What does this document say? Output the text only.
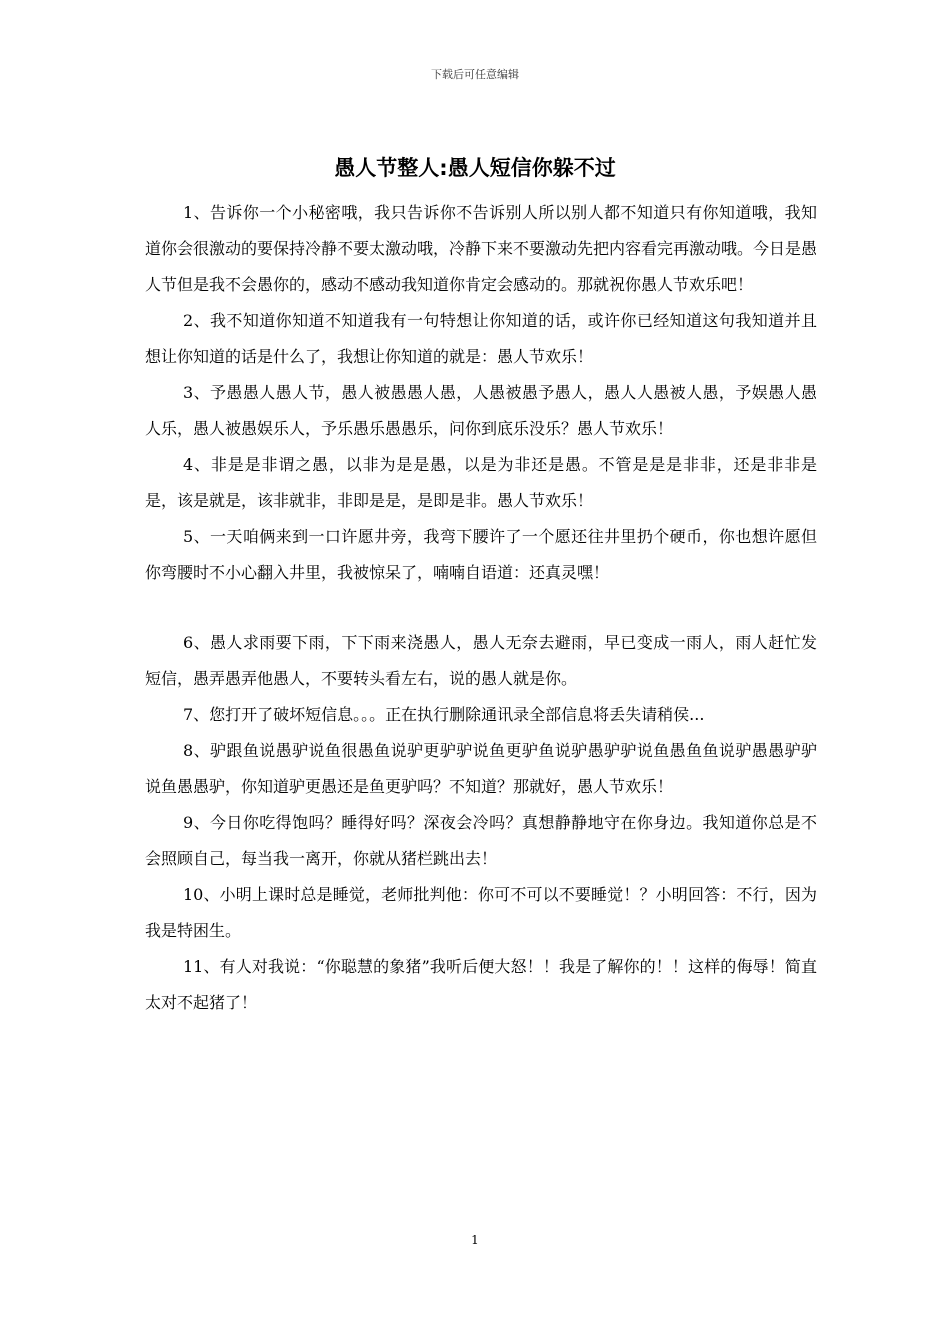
下载后可任意编辑
愚人节整人:愚人短信你躲不过

1、告诉你一个小秘密哦，我只告诉你不告诉别人所以别人都不知道只有你知道哦，我知道你会很激动的要保持冷静不要太激动哦，冷静下来不要激动先把内容看完再激动哦。今日是愚人节但是我不会愚你的，感动不感动我知道你肯定会感动的。那就祝你愚人节欢乐吧！

2、我不知道你知道不知道我有一句特想让你知道的话，或许你已经知道这句我知道并且想让你知道的话是什么了，我想让你知道的就是：愚人节欢乐！

3、予愚愚人愚人节，愚人被愚愚人愚，人愚被愚予愚人，愚人人愚被人愚，予娱愚人愚人乐，愚人被愚娱乐人，予乐愚乐愚愚乐，问你到底乐没乐？愚人节欢乐！

4、非是是非谓之愚，以非为是是愚，以是为非还是愚。不管是是是非非，还是非非是是，该是就是，该非就非，非即是是，是即是非。愚人节欢乐！

5、一天咱俩来到一口许愿井旁，我弯下腰许了一个愿还往井里扔个硬币，你也想许愿但你弯腰时不小心翻入井里，我被惊呆了，喃喃自语道：还真灵嘿！

6、愚人求雨要下雨，下下雨来浇愚人，愚人无奈去避雨，早已变成一雨人，雨人赶忙发短信，愚弄愚弄他愚人，不要转头看左右，说的愚人就是你。

7、您打开了破坏短信息。。。正在执行删除通讯录全部信息将丢失请稍侯...

8、驴跟鱼说愚驴说鱼很愚鱼说驴更驴驴说鱼更驴鱼说驴愚驴驴说鱼愚鱼鱼说驴愚愚驴驴说鱼愚愚驴，你知道驴更愚还是鱼更驴吗？不知道？那就好，愚人节欢乐！

9、今日你吃得饱吗？睡得好吗？深夜会冷吗？真想静静地守在你身边。我知道你总是不会照顾自己，每当我一离开，你就从猪栏跳出去！

10、小明上课时总是睡觉，老师批判他：你可不可以不要睡觉！？小明回答：不行，因为我是特困生。

11、有人对我说：“你聪慧的象猪”我听后便大怒！！我是了解你的！！这样的侮辱！简直太对不起猪了！

1
